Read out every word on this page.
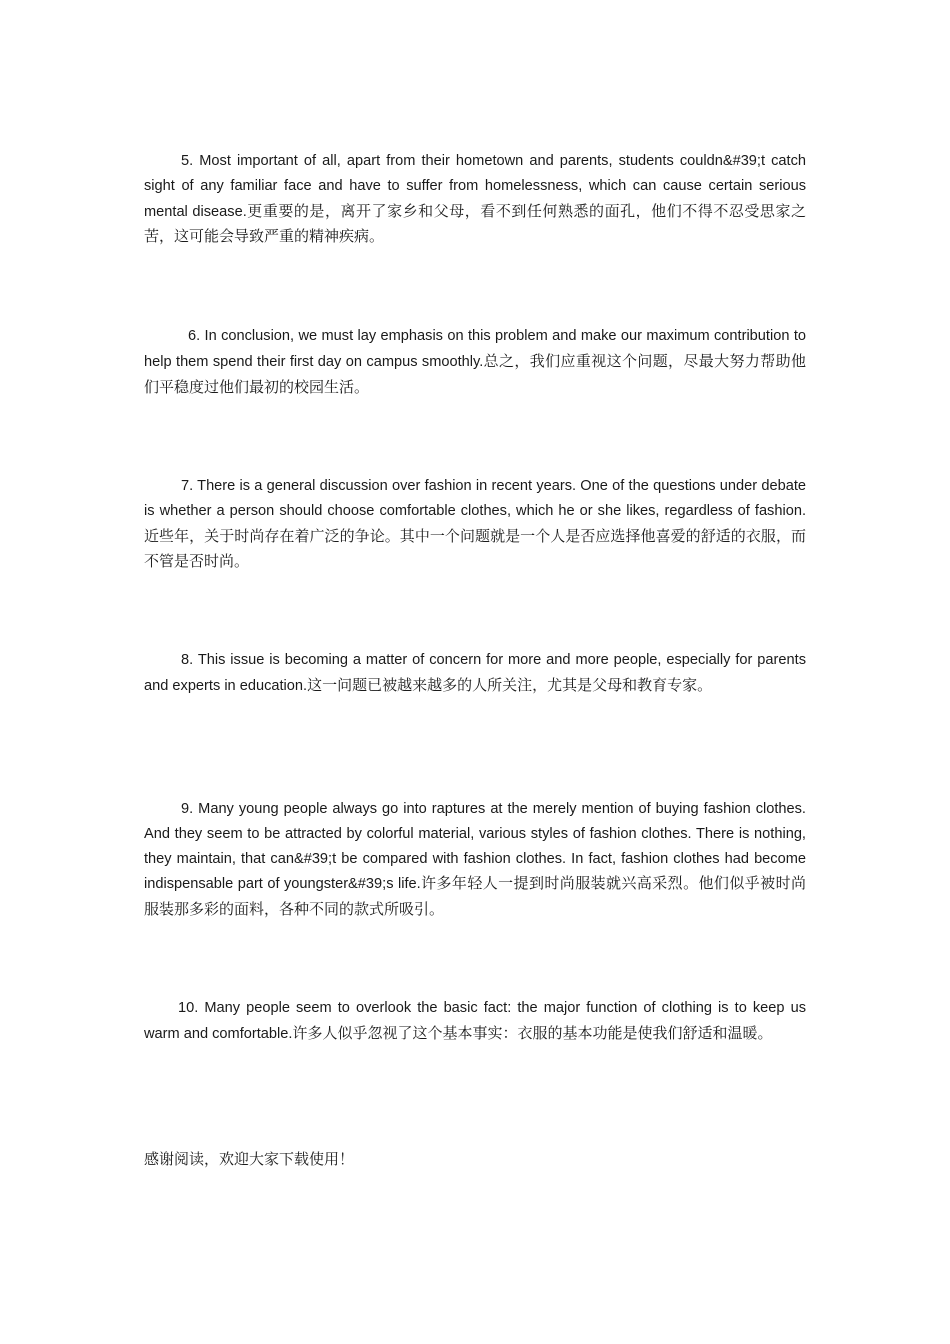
5. Most important of all, apart from their hometown and parents, students couldn&#39;t catch sight of any familiar face and have to suffer from homelessness, which can cause certain serious mental disease.更重要的是，离开了家乡和父母，看不到任何熟悉的面孔，他们不得不忍受思家之苦，这可能会导致严重的精神疾病。

6. In conclusion, we must lay emphasis on this problem and make our maximum contribution to help them spend their first day on campus smoothly.总之，我们应重视这个问题，尽最大努力帮助他们平稳度过他们最初的校园生活。

7. There is a general discussion over fashion in recent years. One of the questions under debate is whether a person should choose comfortable clothes, which he or she likes, regardless of fashion.近些年，关于时尚存在着广泛的争论。其中一个问题就是一个人是否应选择他喜爱的舒适的衣服，而不管是否时尚。

8. This issue is becoming a matter of concern for more and more people, especially for parents and experts in education.这一问题已被越来越多的人所关注，尤其是父母和教育专家。

9. Many young people always go into raptures at the merely mention of buying fashion clothes. And they seem to be attracted by colorful material, various styles of fashion clothes. There is nothing, they maintain, that can&#39;t be compared with fashion clothes. In fact, fashion clothes had become indispensable part of youngster&#39;s life.许多年轻人一提到时尚服装就兴高采烈。他们似乎被时尚服装那多彩的面料，各种不同的款式所吸引。

10. Many people seem to overlook the basic fact: the major function of clothing is to keep us warm and comfortable.许多人似乎忽视了这个基本事实：衣服的基本功能是使我们舒适和温暖。

感谢阅读，欢迎大家下载使用！
